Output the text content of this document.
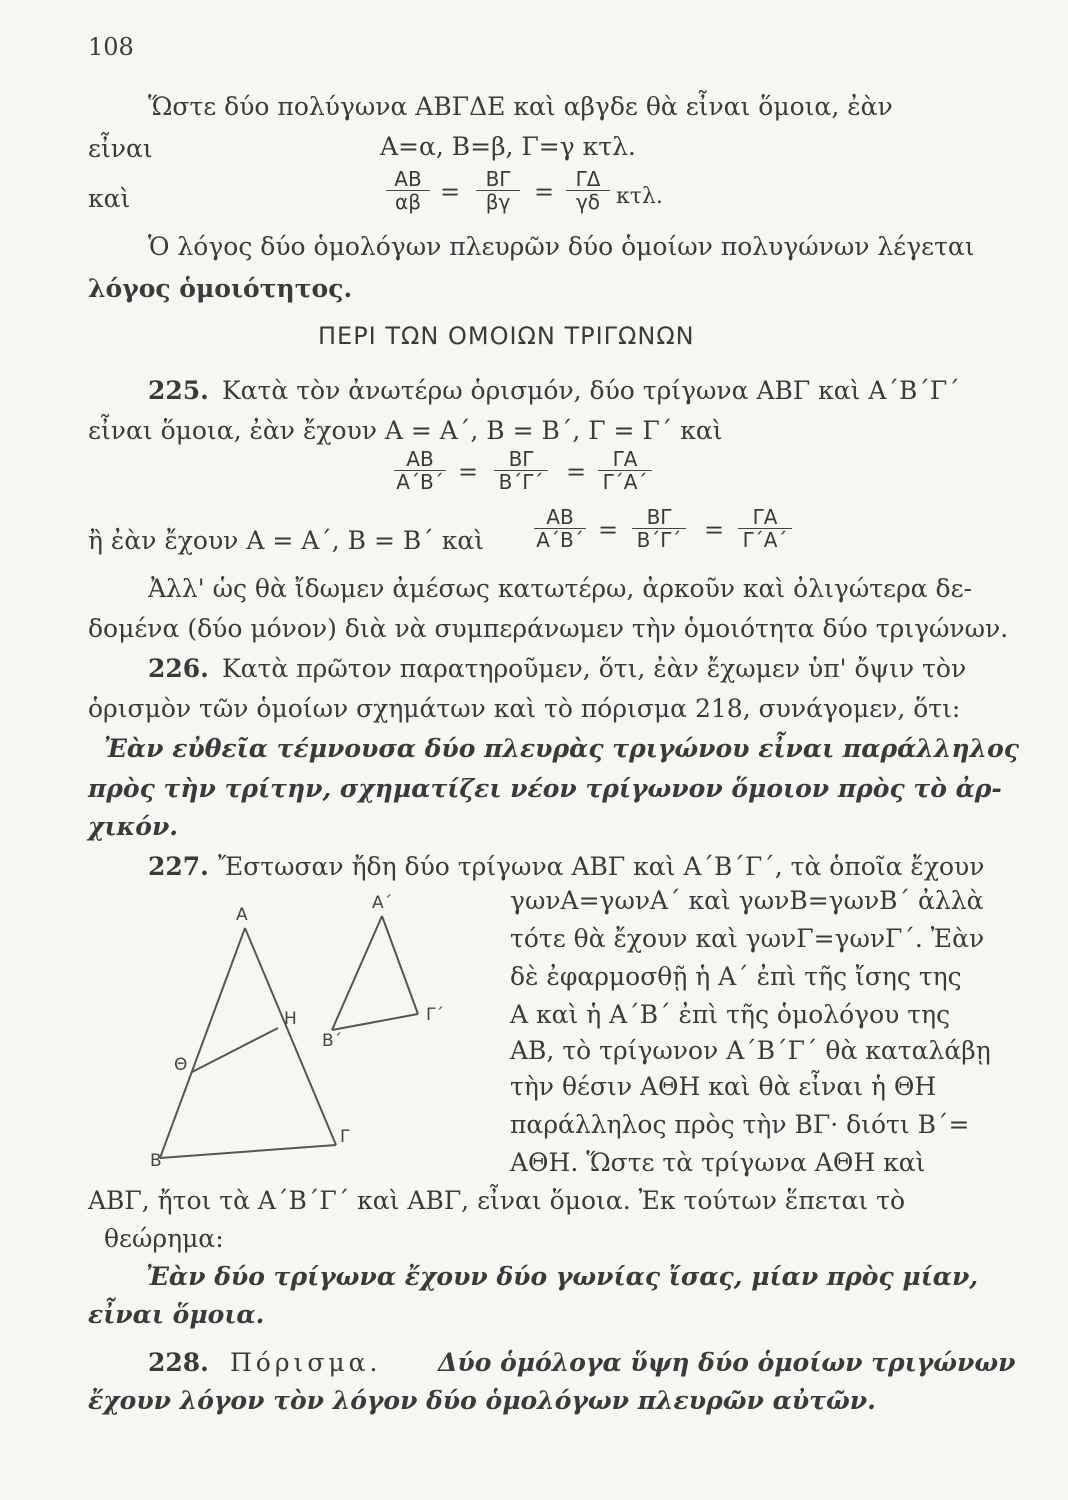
108
Ὥστε δύο πολύγωνα ΑΒΓΔΕ καὶ αβγδε θὰ εἶναι ὅμοια, ἐὰν
εἶναι	Α=α, Β=β, Γ=γ κτλ.
καὶ	$\frac{AB}{\alpha\beta} = \frac{B\Gamma}{\beta\gamma} = \frac{\Gamma\Delta}{\gamma\delta} \kappa\tau\lambda$.
Ὁ λόγος δύο ὁμολόγων πλευρῶν δύο ὁμοίων πολυγώνων λέγεται
λόγος ὁμοιότητος.
ΠΕΡΙ ΤΩΝ ΟΜΟΙΩΝ ΤΡΙΓΩΝΩΝ
225. Κατὰ τὸν ἀνωτέρω ὁρισμόν, δύο τρίγωνα ΑΒΓ καὶ Α΄Β΄Γ΄
εἶναι ὅμοια, ἐὰν ἔχουν Α = Α΄, Β = Β΄, Γ = Γ΄ καὶ
$\frac{AB}{A΄B΄} = \frac{B\Gamma}{B΄\Gamma΄} = \frac{\Gamma A}{\Gamma΄A΄}$
ἢ ἐὰν ἔχουν Α = Α΄, Β = Β΄ καὶ $\frac{AB}{A΄B΄} = \frac{B\Gamma}{B΄\Gamma΄} = \frac{\Gamma A}{\Gamma΄A΄}$
Ἀλλ' ὡς θὰ ἴδωμεν ἀμέσως κατωτέρω, ἀρκοῦν καὶ ὀλιγώτερα δε-
δομένα (δύο μόνον) διὰ νὰ συμπεράνωμεν τὴν ὁμοιότητα δύο τριγώνων.
226. Κατὰ πρῶτον παρατηροῦμεν, ὅτι, ἐὰν ἔχωμεν ὑπ' ὄψιν τὸν
ὁρισμὸν τῶν ὁμοίων σχημάτων καὶ τὸ πόρισμα 218, συνάγομεν, ὅτι:
Ἐὰν εὐθεῖα τέμνουσα δύο πλευρὰς τριγώνου εἶναι παράλληλος
πρὸς τὴν τρίτην, σχηματίζει νέον τρίγωνον ὅμοιον πρὸς τὸ ἀρ-
χικόν.
227. Ἔστωσαν ἤδη δύο τρίγωνα ΑΒΓ καὶ Α΄Β΄Γ΄, τὰ ὁποῖα ἔχουν
γωνΑ=γωνΑ΄ καὶ γωνΒ=γωνΒ΄ ἀλλὰ
τότε θὰ ἔχουν καὶ γωνΓ=γωνΓ΄. Ἐὰν
δὲ ἐφαρμοσθῇ ἡ Α΄ ἐπὶ τῆς ἴσης της
Α καὶ ἡ Α΄Β΄ ἐπὶ τῆς ὁμολόγου της
ΑΒ, τὸ τρίγωνον Α΄Β΄Γ΄ θὰ καταλάβῃ
τὴν θέσιν ΑΘΗ καὶ θὰ εἶναι ἡ ΘΗ
παράλληλος πρὸς τὴν ΒΓ· διότι Β΄=
ΑΘΗ. Ὥστε τὰ τρίγωνα ΑΘΗ καὶ
ΑΒΓ, ἤτοι τὰ Α΄Β΄Γ΄ καὶ ΑΒΓ, εἶναι ὅμοια. Ἐκ τούτων ἕπεται τὸ
θεώρημα:
Ἐὰν δύο τρίγωνα ἔχουν δύο γωνίας ἴσας, μίαν πρὸς μίαν,
εἶναι ὅμοια.
Α
Θ
Η
Β
Γ
Α΄
Β΄
Γ΄
228. Πόρισμα. Δύο ὁμόλογα ὕψη δύο ὁμοίων τριγώνων
ἔχουν λόγον τὸν λόγον δύο ὁμολόγων πλευρῶν αὐτῶν.
